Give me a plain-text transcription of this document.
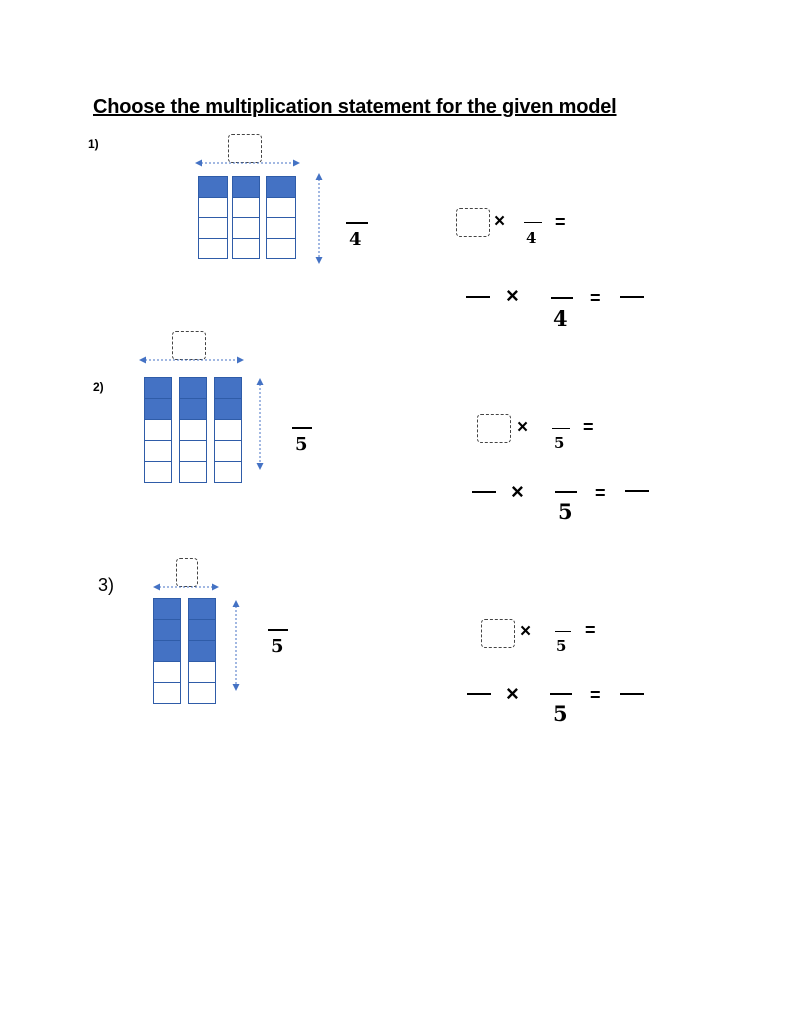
Choose the multiplication statement for the given model
1)
4
×
4
=
×
4
=
2)
5
×
5
=
×
5
=
3)
5
×
5
=
×
5
=
